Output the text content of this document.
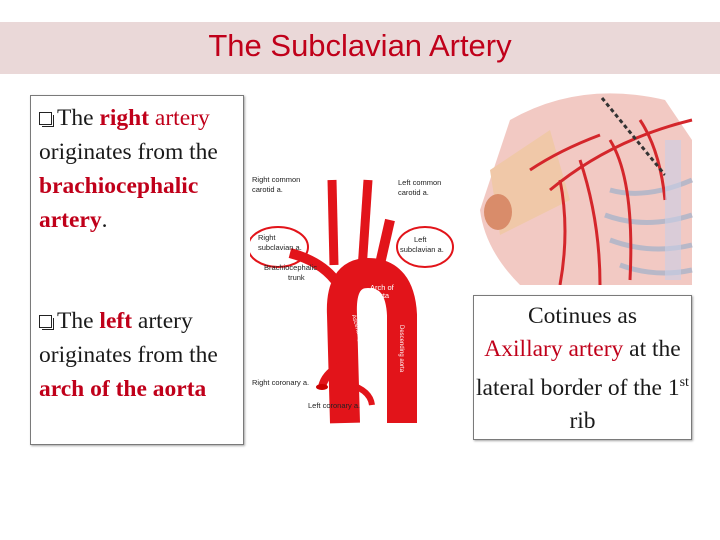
The Subclavian Artery
The right artery originates from the brachiocephalic artery.
The left artery originates from the arch of the aorta
Right common
carotid a.
Left common
carotid a.
Right
subclavian a.
Left
subclavian a.
Brachiocephalic
trunk
Arch of
aorta
Right coronary a.
Left coronary a.
Ascending aorta	Descending aorta
Cotinues as
Axillary artery at the lateral border of the 1st rib
